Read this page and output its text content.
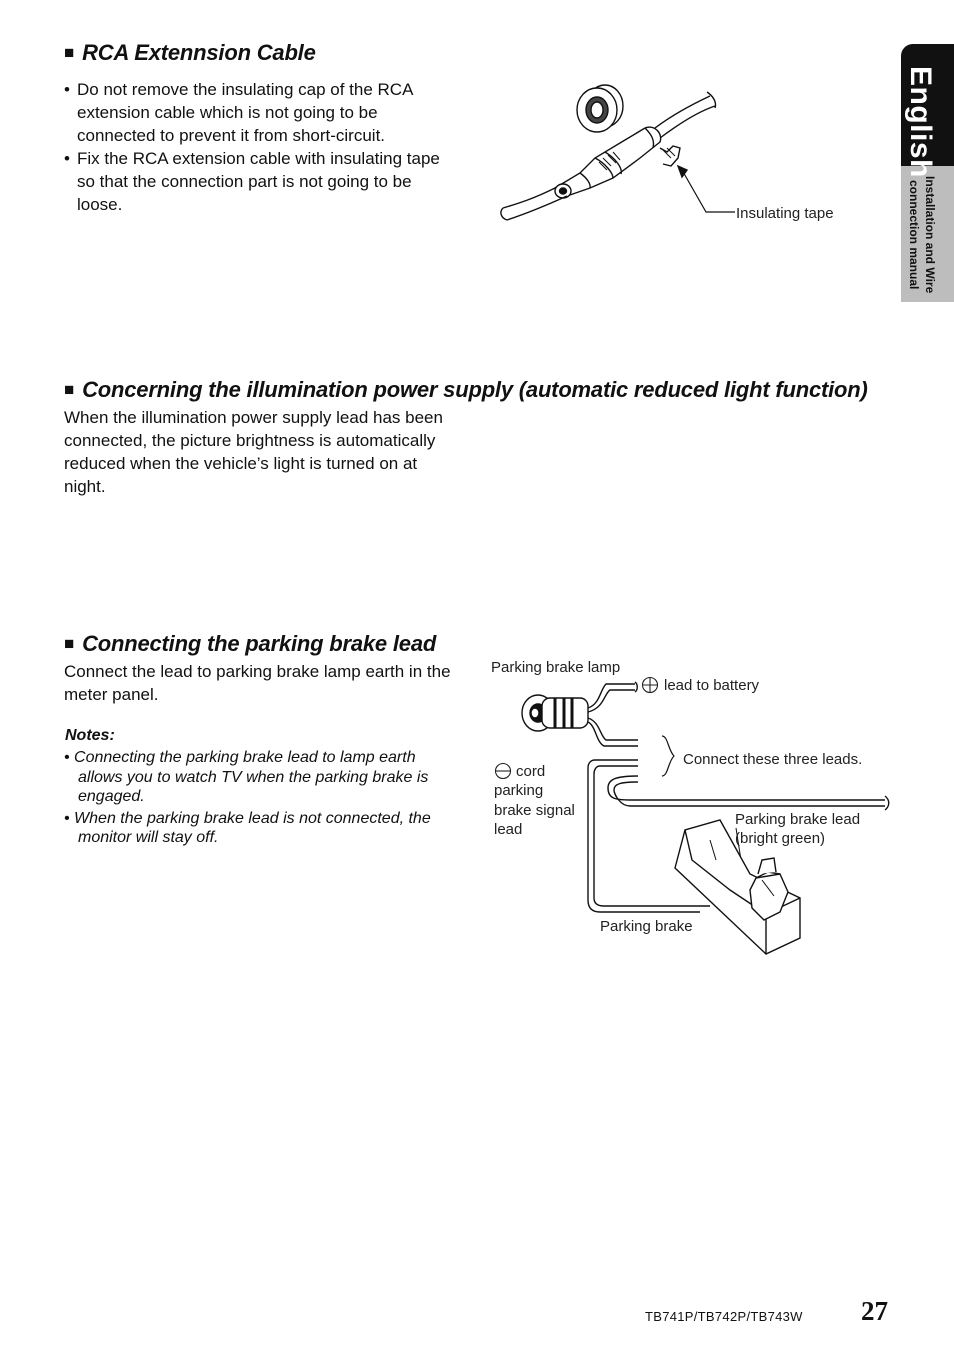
English
Installation and Wire
connection manual
■ RCA Extennsion Cable
• Do not remove the insulating cap of the RCA extension cable which is not going to be connected to prevent it from short-circuit.
• Fix the RCA extension cable with insulating tape so that the connection part is not going to be loose.	Insulating tape
■ Concerning the illumination power supply (automatic reduced light function)
When the illumination power supply lead has been connected, the picture brightness is automatically reduced when the vehicle’s light is turned on at night.
■ Connecting the parking brake lead
Connect the lead to parking brake lamp earth in the meter panel.
Notes:
• Connecting the parking brake lead to lamp earth allows you to watch TV when the parking brake is engaged.
• When the parking brake lead is not connected, the monitor will stay off.
Parking brake lamp
lead to battery
Connect these three leads.
cord
parking
brake signal
lead
Parking brake lead
(bright green)
Parking brake
TB741P/TB742P/TB743W 27
